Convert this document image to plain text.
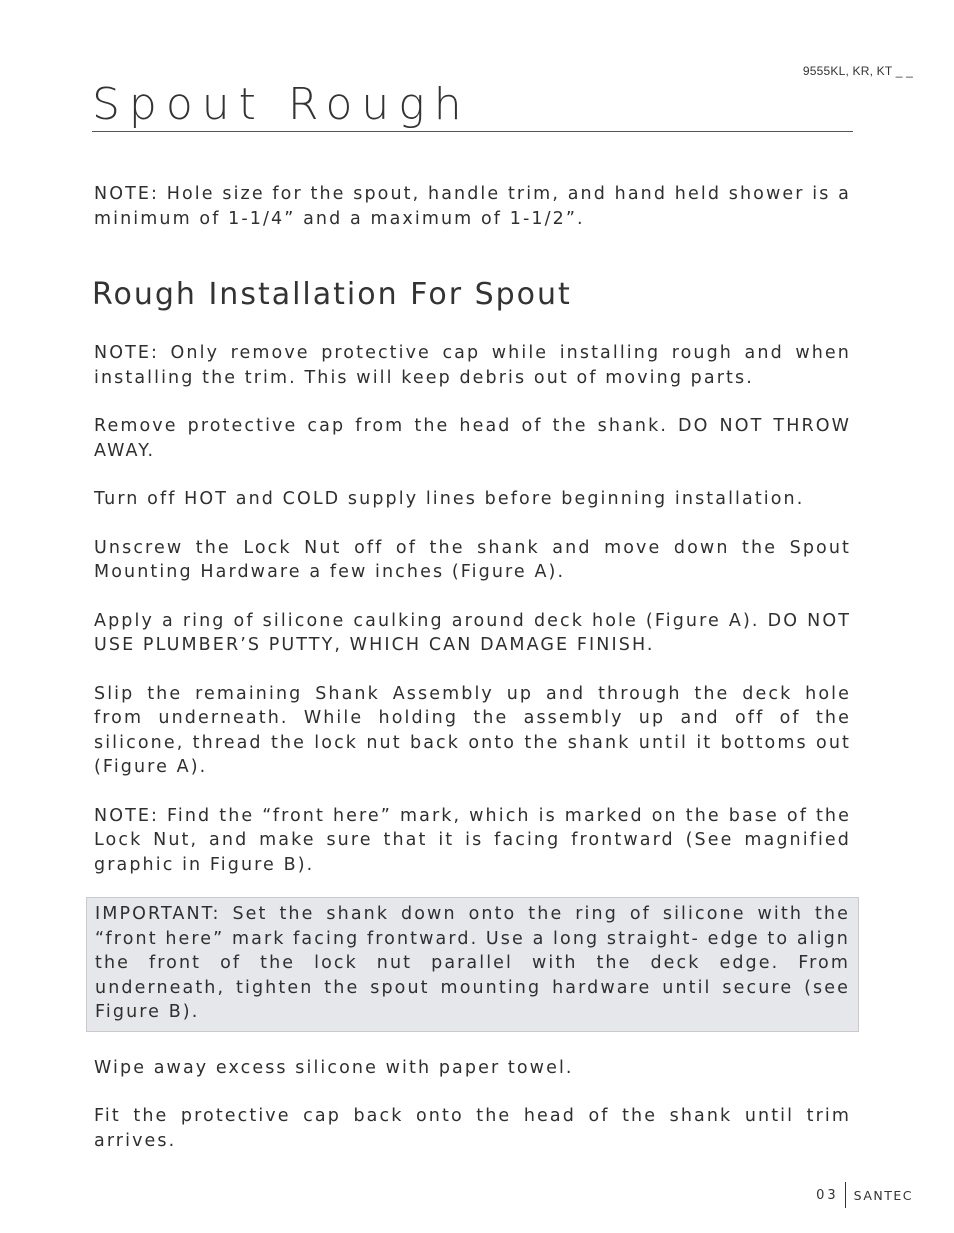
9555KL, KR, KT _ _
Spout Rough

NOTE: Hole size for the spout, handle trim, and hand held shower is a minimum of 1-1/4” and a maximum of 1-1/2”.

Rough Installation For Spout

NOTE: Only remove protective cap while installing rough and when installing the trim. This will keep debris out of moving parts.

Remove protective cap from the head of the shank. DO NOT THROW AWAY.

Turn off HOT and COLD supply lines before beginning installation.

Unscrew the Lock Nut off of the shank and move down the Spout Mounting Hardware a few inches (Figure A).

Apply a ring of silicone caulking around deck hole (Figure A). DO NOT USE PLUMBER’S PUTTY, WHICH CAN DAMAGE FINISH.

Slip the remaining Shank Assembly up and through the deck hole from underneath. While holding the assembly up and off of the silicone, thread the lock nut back onto the shank until it bottoms out (Figure A).

NOTE: Find the “front here” mark, which is marked on the base of the Lock Nut, and make sure that it is facing frontward (See magnified graphic in Figure B).

IMPORTANT: Set the shank down onto the ring of silicone with the “front here” mark facing frontward. Use a long straight- edge to align the front of the lock nut parallel with the deck edge. From underneath, tighten the spout mounting hardware until secure (see Figure B).

Wipe away excess silicone with paper towel.

Fit the protective cap back onto the head of the shank until trim arrives.

03 SANTEC
